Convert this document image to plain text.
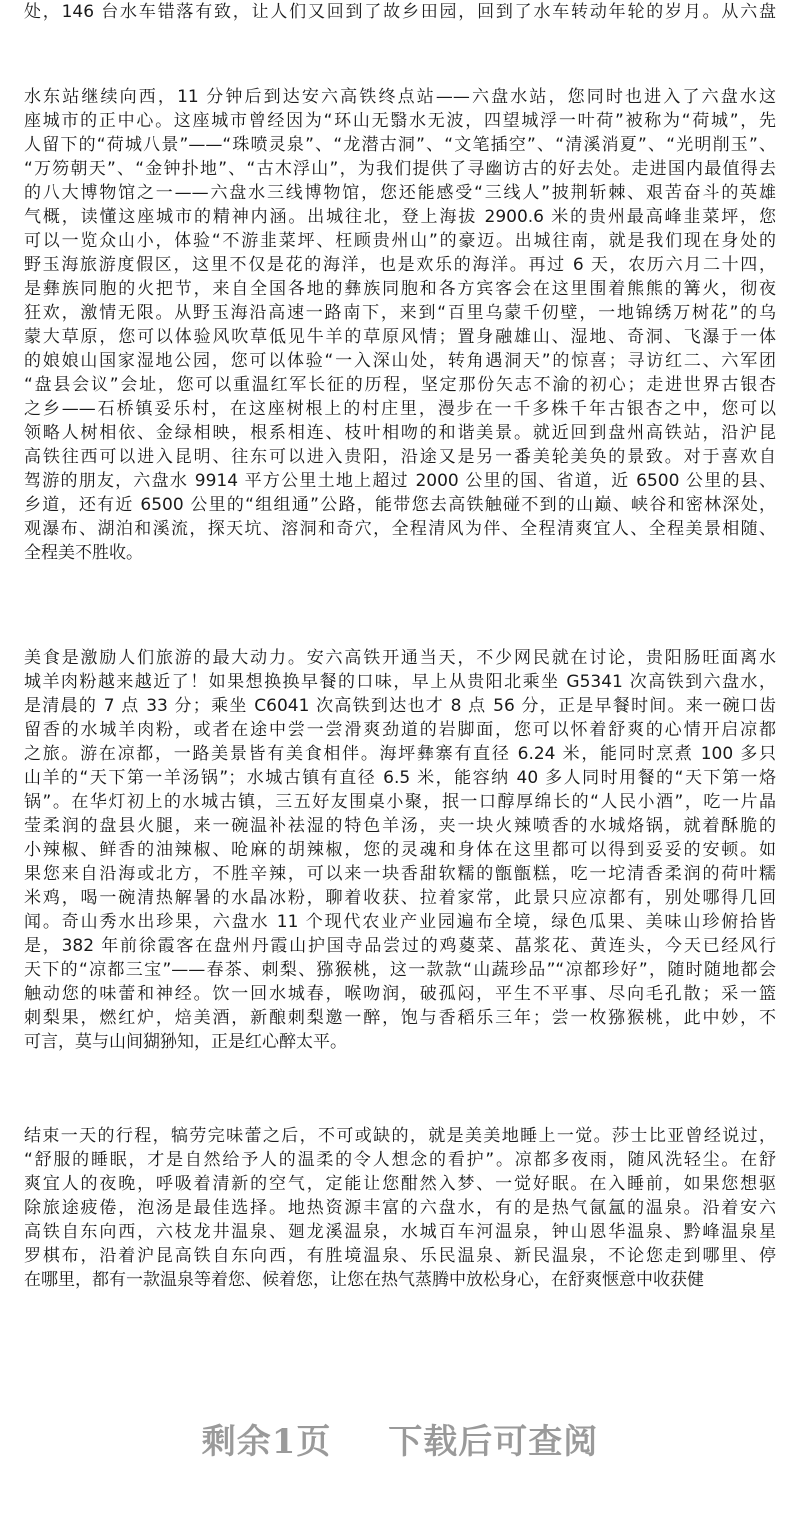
处，146 台水车错落有致，让人们又回到了故乡田园，回到了水车转动年轮的岁月。从六盘
水东站继续向西，11 分钟后到达安六高铁终点站——六盘水站，您同时也进入了六盘水这
座城市的正中心。这座城市曾经因为“环山无翳水无波，四望城浮一叶荷”被称为“荷城”，先
人留下的“荷城八景”——“珠喷灵泉”、“龙潜古洞”、“文笔插空”、“清溪消夏”、“光明削玉”、
“万笏朝天”、“金钟扑地”、“古木浮山”，为我们提供了寻幽访古的好去处。走进国内最值得去
的八大博物馆之一——六盘水三线博物馆，您还能感受“三线人”披荆斩棘、艰苦奋斗的英雄
气概，读懂这座城市的精神内涵。出城往北，登上海拔 2900.6 米的贵州最高峰韭菜坪，您
可以一览众山小，体验“不游韭菜坪、枉顾贵州山”的豪迈。出城往南，就是我们现在身处的
野玉海旅游度假区，这里不仅是花的海洋，也是欢乐的海洋。再过 6 天，农历六月二十四，
是彝族同胞的火把节，来自全国各地的彝族同胞和各方宾客会在这里围着熊熊的篝火，彻夜
狂欢，激情无限。从野玉海沿高速一路南下，来到“百里乌蒙千仞壁，一地锦绣万树花”的乌
蒙大草原，您可以体验风吹草低见牛羊的草原风情；置身融雄山、湿地、奇洞、飞瀑于一体
的娘娘山国家湿地公园，您可以体验“一入深山处，转角遇洞天”的惊喜；寻访红二、六军团
“盘县会议”会址，您可以重温红军长征的历程，坚定那份矢志不渝的初心；走进世界古银杏
之乡——石桥镇妥乐村，在这座树根上的村庄里，漫步在一千多株千年古银杏之中，您可以
领略人树相依、金绿相映，根系相连、枝叶相吻的和谐美景。就近回到盘州高铁站，沿沪昆
高铁往西可以进入昆明、往东可以进入贵阳，沿途又是另一番美轮美奂的景致。对于喜欢自
驾游的朋友，六盘水 9914 平方公里土地上超过 2000 公里的国、省道，近 6500 公里的县、
乡道，还有近 6500 公里的“组组通”公路，能带您去高铁触碰不到的山巅、峡谷和密林深处，
观瀑布、湖泊和溪流，探天坑、溶洞和奇穴，全程清风为伴、全程清爽宜人、全程美景相随、
全程美不胜收。
美食是激励人们旅游的最大动力。安六高铁开通当天，不少网民就在讨论，贵阳肠旺面离水
城羊肉粉越来越近了！如果想换换早餐的口味，早上从贵阳北乘坐 G5341 次高铁到六盘水，
是清晨的 7 点 33 分；乘坐 C6041 次高铁到达也才 8 点 56 分，正是早餐时间。来一碗口齿
留香的水城羊肉粉，或者在途中尝一尝滑爽劲道的岩脚面，您可以怀着舒爽的心情开启凉都
之旅。游在凉都，一路美景皆有美食相伴。海坪彝寨有直径 6.24 米，能同时烹煮 100 多只
山羊的“天下第一羊汤锅”；水城古镇有直径 6.5 米，能容纳 40 多人同时用餐的“天下第一烙
锅”。在华灯初上的水城古镇，三五好友围桌小聚，抿一口醇厚绵长的“人民小酒”，吃一片晶
莹柔润的盘县火腿，来一碗温补祛湿的特色羊汤，夹一块火辣喷香的水城烙锅，就着酥脆的
小辣椒、鲜香的油辣椒、呛麻的胡辣椒，您的灵魂和身体在这里都可以得到妥妥的安顿。如
果您来自沿海或北方，不胜辛辣，可以来一块香甜软糯的甑甑糕，吃一坨清香柔润的荷叶糯
米鸡，喝一碗清热解暑的水晶冰粉，聊着收获、拉着家常，此景只应凉都有，别处哪得几回
闻。奇山秀水出珍果，六盘水 11 个现代农业产业园遍布全境，绿色瓜果、美味山珍俯拾皆
是，382 年前徐霞客在盘州丹霞山护国寺品尝过的鸡葼菜、蕌浆花、黄连头，今天已经风行
天下的“凉都三宝”——春茶、刺梨、猕猴桃，这一款款“山蔬珍品”“凉都珍好”，随时随地都会
触动您的味蕾和神经。饮一回水城春，喉吻润，破孤闷，平生不平事、尽向毛孔散；采一篮
刺梨果，燃红炉，焙美酒，新酿刺梨邀一醉，饱与香稻乐三年；尝一枚猕猴桃，此中妙，不
可言，莫与山间猢狲知，正是红心醉太平。
结束一天的行程，犒劳完味蕾之后，不可或缺的，就是美美地睡上一觉。莎士比亚曾经说过，
“舒服的睡眠，才是自然给予人的温柔的令人想念的看护”。凉都多夜雨，随风洗轻尘。在舒
爽宜人的夜晚，呼吸着清新的空气，定能让您酣然入梦、一觉好眠。在入睡前，如果您想驱
除旅途疲倦，泡汤是最佳选择。地热资源丰富的六盘水，有的是热气氤氲的温泉。沿着安六
高铁自东向西，六枝龙井温泉、廻龙溪温泉，水城百车河温泉，钟山恩华温泉、黔峰温泉星
罗棋布，沿着沪昆高铁自东向西，有胜境温泉、乐民温泉、新民温泉，不论您走到哪里、停
在哪里，都有一款温泉等着您、候着您，让您在热气蒸腾中放松身心，在舒爽惬意中收获健
剩余1页 下载后可查阅
